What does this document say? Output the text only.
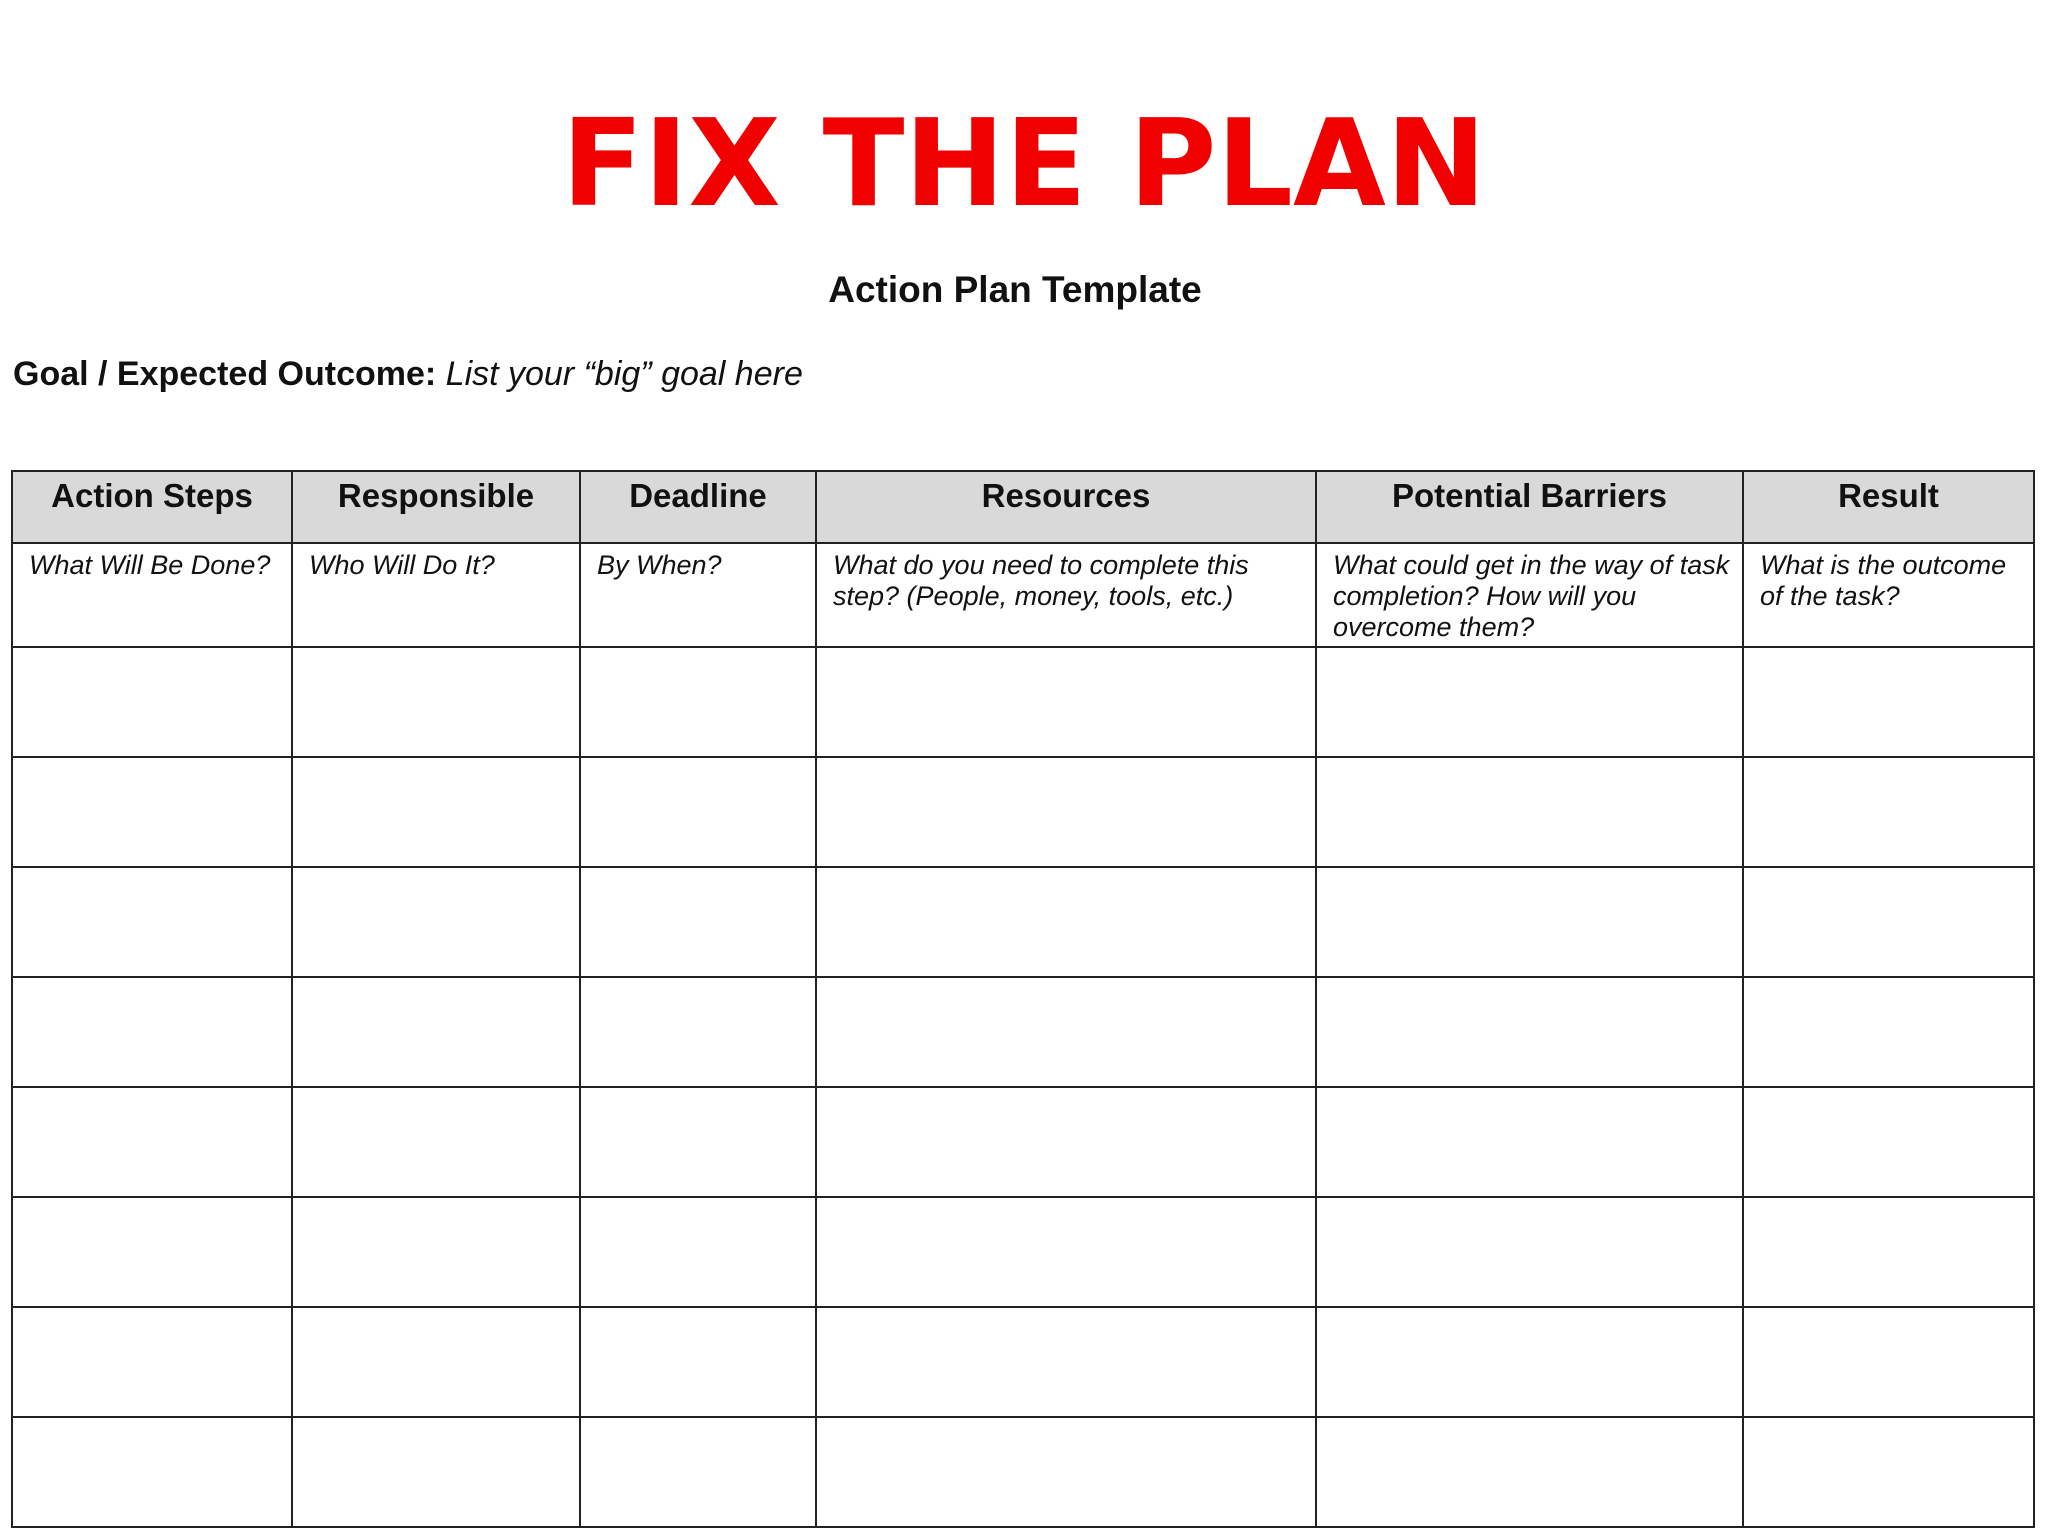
FIX THE PLAN
Action Plan Template
Goal / Expected Outcome: List your “big” goal here
Action Steps	Responsible	Deadline	Resources	Potential Barriers	Result
What Will Be Done?	Who Will Do It?	By When?	What do you need to complete this step? (People, money, tools, etc.)	What could get in the way of task completion? How will you overcome them?	What is the outcome of the task?
